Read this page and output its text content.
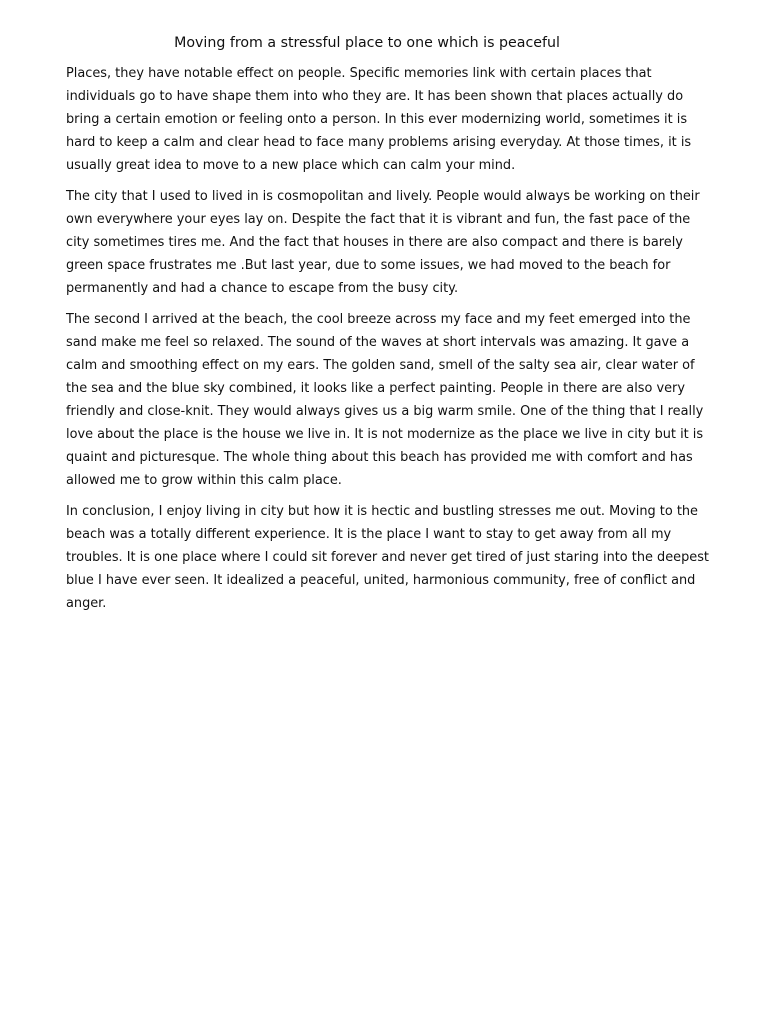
Moving from a stressful place to one which is peaceful

Places, they have notable effect on people. Specific memories link with certain places that individuals go to have shape them into who they are. It has been shown that places actually do bring a certain emotion or feeling onto a person. In this ever modernizing world, sometimes it is hard to keep a calm and clear head to face many problems arising everyday. At those times, it is usually great idea to move to a new place which can calm your mind.

The city that I used to lived in is cosmopolitan and lively. People would always be working on their own everywhere your eyes lay on. Despite the fact that it is vibrant and fun, the fast pace of the city sometimes tires me. And the fact that houses in there are also compact and there is barely green space frustrates me .But last year, due to some issues, we had moved to the beach for permanently and had a chance to escape from the busy city.

The second I arrived at the beach, the cool breeze across my face and my feet emerged into the sand make me feel so relaxed. The sound of the waves at short intervals was amazing. It gave a calm and smoothing effect on my ears. The golden sand, smell of the salty sea air, clear water of the sea and the blue sky combined, it looks like a perfect painting. People in there are also very friendly and close-knit. They would always gives us a big warm smile. One of the thing that I really love about the place is the house we live in. It is not modernize as the place we live in city but it is quaint and picturesque. The whole thing about this beach has provided me with comfort and has allowed me to grow within this calm place.

In conclusion, I enjoy living in city but how it is hectic and bustling stresses me out. Moving to the beach was a totally different experience. It is the place I want to stay to get away from all my troubles. It is one place where I could sit forever and never get tired of just staring into the deepest blue I have ever seen. It idealized a peaceful, united, harmonious community, free of conflict and anger.
